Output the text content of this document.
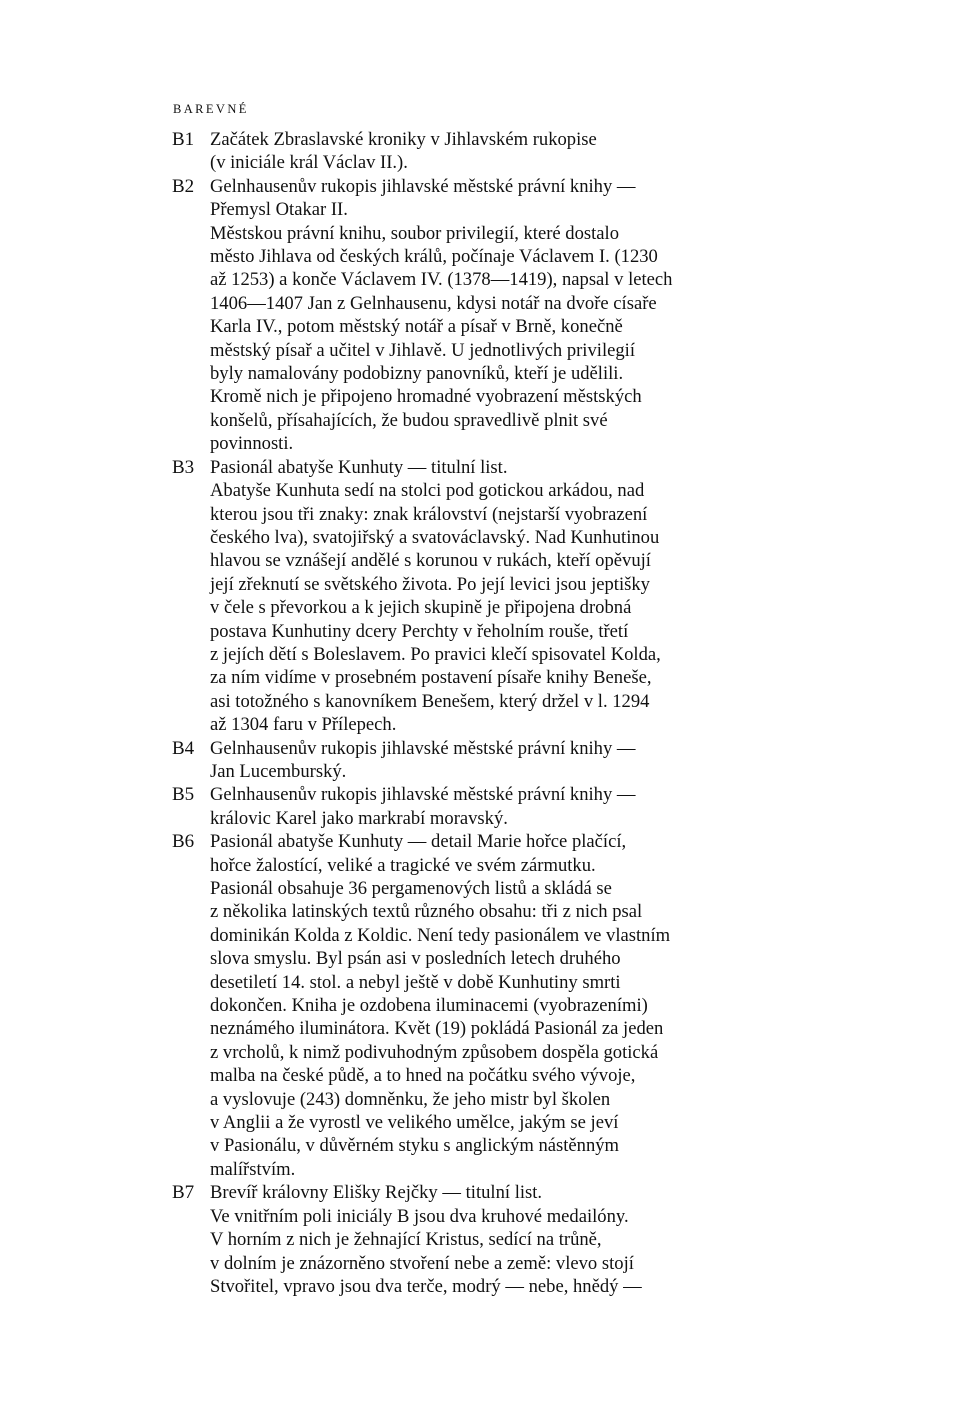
BAREVNÉ
B1 Začátek Zbraslavské kroniky v Jihlavském rukopise
(v iniciále král Václav II.).
B2 Gelnhausenův rukopis jihlavské městské právní knihy —
Přemysl Otakar II.
Městskou právní knihu, soubor privilegií, které dostalo
město Jihlava od českých králů, počínaje Václavem I. (1230
až 1253) a konče Václavem IV. (1378—1419), napsal v letech
1406—1407 Jan z Gelnhausenu, kdysi notář na dvoře císaře
Karla IV., potom městský notář a písař v Brně, konečně
městský písař a učitel v Jihlavě. U jednotlivých privilegií
byly namalovány podobizny panovníků, kteří je udělili.
Kromě nich je připojeno hromadné vyobrazení městských
konšelů, přísahajících, že budou spravedlivě plnit své
povinnosti.
B3 Pasionál abatyše Kunhuty — titulní list.
Abatyše Kunhuta sedí na stolci pod gotickou arkádou, nad
kterou jsou tři znaky: znak království (nejstarší vyobrazení
českého lva), svatojiřský a svatováclavský. Nad Kunhutinou
hlavou se vznášejí andělé s korunou v rukách, kteří opěvují
její zřeknutí se světského života. Po její levici jsou jeptišky
v čele s převorkou a k jejich skupině je připojena drobná
postava Kunhutiny dcery Perchty v řeholním rouše, třetí
z jejích dětí s Boleslavem. Po pravici klečí spisovatel Kolda,
za ním vidíme v prosebném postavení písaře knihy Beneše,
asi totožného s kanovníkem Benešem, který držel v l. 1294
až 1304 faru v Přílepech.
B4 Gelnhausenův rukopis jihlavské městské právní knihy —
Jan Lucemburský.
B5 Gelnhausenův rukopis jihlavské městské právní knihy —
královic Karel jako markrabí moravský.
B6 Pasionál abatyše Kunhuty — detail Marie hořce plačící,
hořce žalostící, veliké a tragické ve svém zármutku.
Pasionál obsahuje 36 pergamenových listů a skládá se
z několika latinských textů různého obsahu: tři z nich psal
dominikán Kolda z Koldic. Není tedy pasionálem ve vlastním
slova smyslu. Byl psán asi v posledních letech druhého
desetiletí 14. stol. a nebyl ještě v době Kunhutiny smrti
dokončen. Kniha je ozdobena iluminacemi (vyobrazeními)
neznámého iluminátora. Květ (19) pokládá Pasionál za jeden
z vrcholů, k nimž podivuhodným způsobem dospěla gotická
malba na české půdě, a to hned na počátku svého vývoje,
a vyslovuje (243) domněnku, že jeho mistr byl školen
v Anglii a že vyrostl ve velikého umělce, jakým se jeví
v Pasionálu, v důvěrném styku s anglickým nástěnným
malířstvím.
B7 Brevíř královny Elišky Rejčky — titulní list.
Ve vnitřním poli iniciály B jsou dva kruhové medailóny.
V horním z nich je žehnající Kristus, sedící na trůně,
v dolním je znázorněno stvoření nebe a země: vlevo stojí
Stvořitel, vpravo jsou dva terče, modrý — nebe, hnědý —
